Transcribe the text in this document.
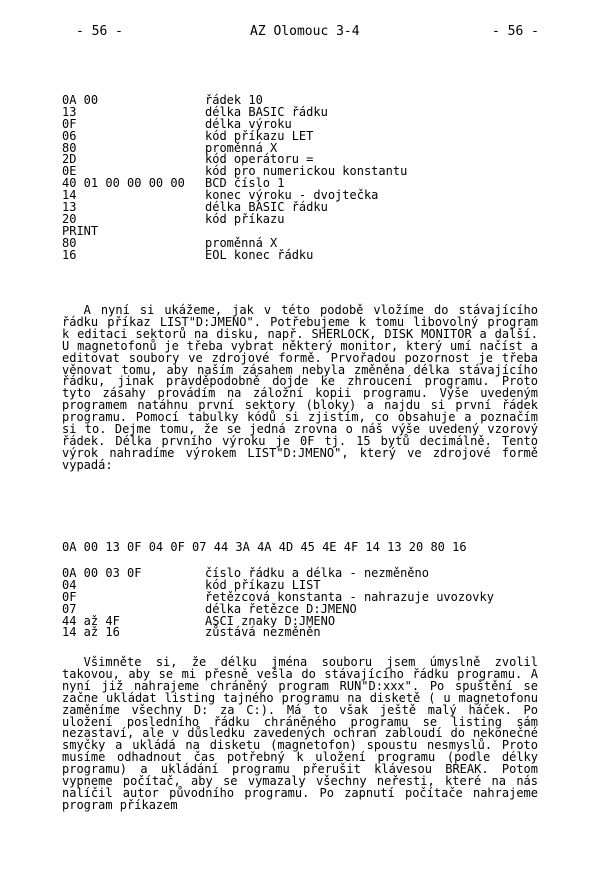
- 56 -	AZ Olomouc 3-4	- 56 -
0A 00	řádek 10
13	délka BASIC řádku
0F	délka výroku
06	kód příkazu LET
80	proměnná X
2D	kód operátoru =
0E	kód pro numerickou konstantu
40 01 00 00 00 00	BCD číslo 1
14	konec výroku - dvojtečka
13	délka BASIC řádku
20	kód příkazu
PRINT
80	proměnná X
16	EOL konec řádku
A nyní si ukážeme, jak v této podobě vložíme do stávajícího řádku příkaz LIST"D:JMENO". Potřebujeme k tomu libovolný program k editaci sektorů na disku, např. SHERLOCK, DISK MONITOR a další. U magnetofonů je třeba vybrat některý monitor, který umí načíst a editovat soubory ve zdrojové formě. Prvořadou pozornost je třeba věnovat tomu, aby naším zásahem nebyla změněna délka stávajícího řádku, jinak pravděpodobně dojde ke zhroucení programu. Proto tyto zásahy provádím na záložní kopii programu. Výše uvedeným programem natáhnu první sektory (bloky) a najdu si první řádek programu. Pomocí tabulky kódů si zjistím, co obsahuje a poznačím si to. Dejme tomu, že se jedná zrovna o náš výše uvedený vzorový řádek. Délka prvního výroku je 0F tj. 15 bytů decimálně. Tento výrok nahradíme výrokem LIST"D:JMENO", který ve zdrojové formě vypadá:
0A 00 13 0F 04 0F 07 44 3A 4A 4D 45 4E 4F 14 13 20 80 16
0A 00 03 0F	číslo řádku a délka - nezměněno
04	kód příkazu LIST
0F	řetězcová konstanta - nahrazuje uvozovky
07	délka řetězce D:JMENO
44 až 4F	ASCI znaky D:JMENO
14 až 16	zůstává nezměněn
Všimněte si, že délku jména souboru jsem úmyslně zvolil takovou, aby se mi přesně vešla do stávajícího řádku programu. A nyní již nahrajeme chráněný program RUN"D:xxx". Po spuštění se začne ukládat listing tajného programu na disketě ( u magnetofonu zaměníme všechny D: za C:). Má to však ještě malý háček. Po uložení posledního řádku chráněného programu se listing sám nezastaví, ale v důsledku zavedených ochran zabloudí do nekonečné smyčky a ukládá na disketu (magnetofon) spoustu nesmyslů. Proto musíme odhadnout čas potřebný k uložení programu (podle délky programu) a ukládání programu přerušit klávesou BREAK. Potom vypneme počítač, aby se vymazaly všechny neřesti, které na nás nalíčil autor původního programu. Po zapnutí počítače nahrajeme program příkazem
